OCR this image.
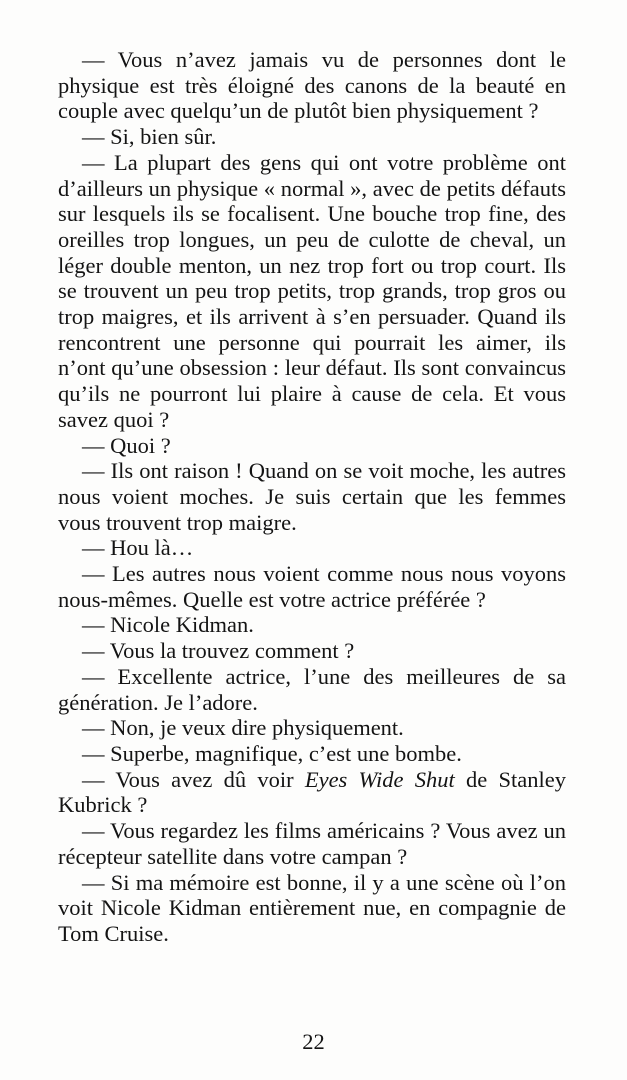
— Vous n’avez jamais vu de personnes dont le physique est très éloigné des canons de la beauté en couple avec quelqu’un de plutôt bien physiquement ?

— Si, bien sûr.

— La plupart des gens qui ont votre problème ont d’ailleurs un physique « normal », avec de petits défauts sur lesquels ils se focalisent. Une bouche trop fine, des oreilles trop longues, un peu de culotte de cheval, un léger double menton, un nez trop fort ou trop court. Ils se trouvent un peu trop petits, trop grands, trop gros ou trop maigres, et ils arrivent à s’en persuader. Quand ils rencontrent une personne qui pourrait les aimer, ils n’ont qu’une obsession : leur défaut. Ils sont convaincus qu’ils ne pourront lui plaire à cause de cela. Et vous savez quoi ?

— Quoi ?

— Ils ont raison ! Quand on se voit moche, les autres nous voient moches. Je suis certain que les femmes vous trouvent trop maigre.

— Hou là…

— Les autres nous voient comme nous nous voyons nous-mêmes. Quelle est votre actrice préférée ?

— Nicole Kidman.

— Vous la trouvez comment ?

— Excellente actrice, l’une des meilleures de sa génération. Je l’adore.

— Non, je veux dire physiquement.

— Superbe, magnifique, c’est une bombe.

— Vous avez dû voir Eyes Wide Shut de Stanley Kubrick ?

— Vous regardez les films américains ? Vous avez un récepteur satellite dans votre campan ?

— Si ma mémoire est bonne, il y a une scène où l’on voit Nicole Kidman entièrement nue, en compagnie de Tom Cruise.

22
